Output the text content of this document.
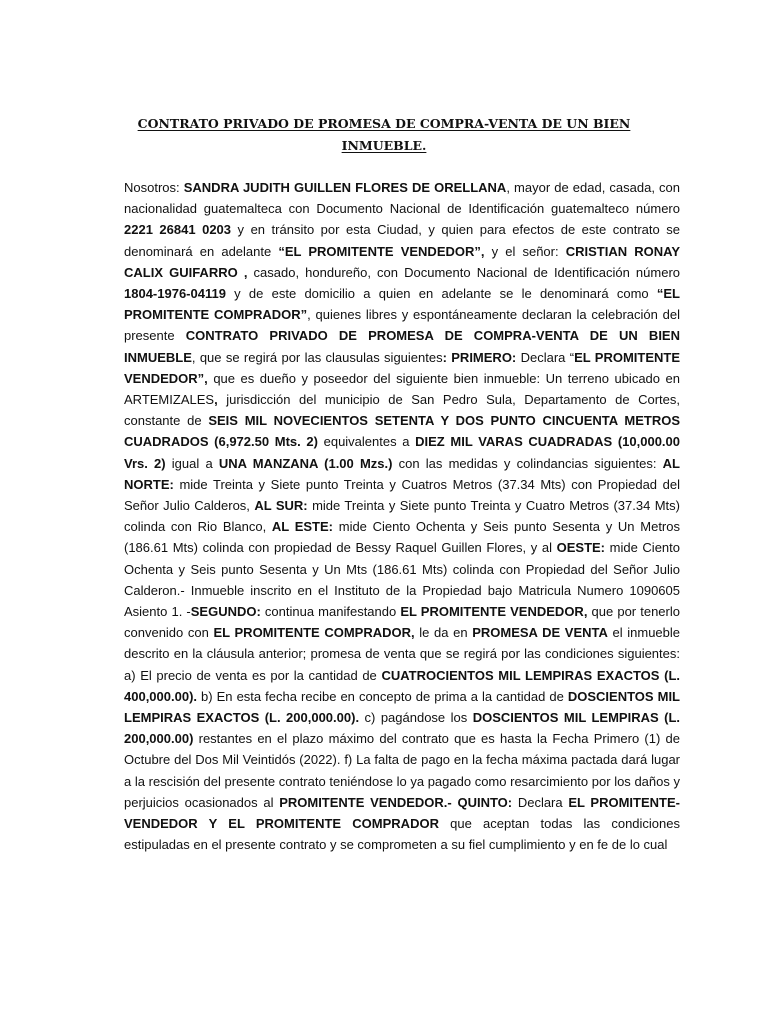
CONTRATO PRIVADO DE PROMESA DE COMPRA-VENTA DE UN BIEN
INMUEBLE.

Nosotros: SANDRA JUDITH GUILLEN FLORES DE ORELLANA, mayor de edad, casada, con nacionalidad guatemalteca con Documento Nacional de Identificación guatemalteco número 2221 26841 0203 y en tránsito por esta Ciudad, y quien para efectos de este contrato se denominará en adelante “EL PROMITENTE VENDEDOR”, y el señor: CRISTIAN RONAY CALIX GUIFARRO , casado, hondureño, con Documento Nacional de Identificación número 1804-1976-04119 y de este domicilio a quien en adelante se le denominará como “EL PROMITENTE COMPRADOR”, quienes libres y espontáneamente declaran la celebración del presente CONTRATO PRIVADO DE PROMESA DE COMPRA-VENTA DE UN BIEN INMUEBLE, que se regirá por las clausulas siguientes: PRIMERO: Declara “EL PROMITENTE VENDEDOR”, que es dueño y poseedor del siguiente bien inmueble: Un terreno ubicado en ARTEMIZALES, jurisdicción del municipio de San Pedro Sula, Departamento de Cortes, constante de SEIS MIL NOVECIENTOS SETENTA Y DOS PUNTO CINCUENTA METROS CUADRADOS (6,972.50 Mts. 2) equivalentes a DIEZ MIL VARAS CUADRADAS (10,000.00 Vrs. 2) igual a UNA MANZANA (1.00 Mzs.) con las medidas y colindancias siguientes: AL NORTE: mide Treinta y Siete punto Treinta y Cuatros Metros (37.34 Mts) con Propiedad del Señor Julio Calderos, AL SUR: mide Treinta y Siete punto Treinta y Cuatro Metros (37.34 Mts) colinda con Rio Blanco, AL ESTE: mide Ciento Ochenta y Seis punto Sesenta y Un Metros (186.61 Mts) colinda con propiedad de Bessy Raquel Guillen Flores, y al OESTE: mide Ciento Ochenta y Seis punto Sesenta y Un Mts (186.61 Mts) colinda con Propiedad del Señor Julio Calderon.- Inmueble inscrito en el Instituto de la Propiedad bajo Matricula Numero 1090605 Asiento 1. -SEGUNDO: continua manifestando EL PROMITENTE VENDEDOR, que por tenerlo convenido con EL PROMITENTE COMPRADOR, le da en PROMESA DE VENTA el inmueble descrito en la cláusula anterior; promesa de venta que se regirá por las condiciones siguientes: a) El precio de venta es por la cantidad de CUATROCIENTOS MIL LEMPIRAS EXACTOS (L. 400,000.00). b) En esta fecha recibe en concepto de prima a la cantidad de DOSCIENTOS MIL LEMPIRAS EXACTOS (L. 200,000.00). c) pagándose los DOSCIENTOS MIL LEMPIRAS (L. 200,000.00) restantes en el plazo máximo del contrato que es hasta la Fecha Primero (1) de Octubre del Dos Mil Veintidós (2022). f) La falta de pago en la fecha máxima pactada dará lugar a la rescisión del presente contrato teniéndose lo ya pagado como resarcimiento por los daños y perjuicios ocasionados al PROMITENTE VENDEDOR.- QUINTO: Declara EL PROMITENTE-VENDEDOR Y EL PROMITENTE COMPRADOR que aceptan todas las condiciones estipuladas en el presente contrato y se comprometen a su fiel cumplimiento y en fe de lo cual
